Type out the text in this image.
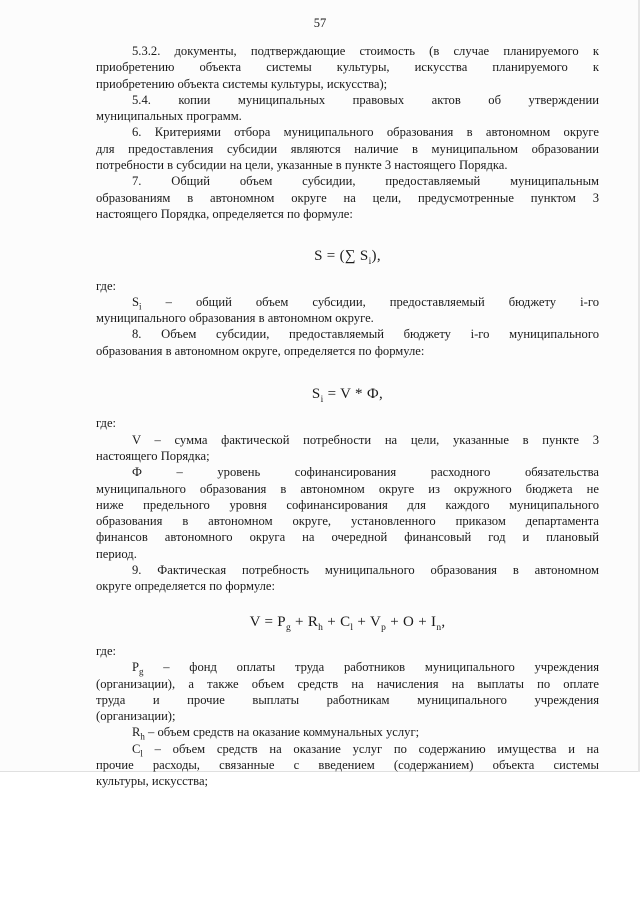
57

5.3.2. документы, подтверждающие стоимость (в случае планируемого к

приобретению объекта системы культуры, искусства планируемого к

приобретению объекта системы культуры, искусства);

5.4. копии муниципальных правовых актов об утверждении

муниципальных программ.

6. Критериями отбора муниципального образования в автономном округе

для предоставления субсидии являются наличие в муниципальном образовании

потребности в субсидии на цели, указанные в пункте 3 настоящего Порядка.

7. Общий объем субсидии, предоставляемый муниципальным

образованиям в автономном округе на цели, предусмотренные пунктом 3

настоящего Порядка, определяется по формуле:

S = (∑ $S_i$),

где:

$S_i$ – общий объем субсидии, предоставляемый бюджету i-го

муниципального образования в автономном округе.

8. Объем субсидии, предоставляемый бюджету i-го муниципального

образования в автономном округе, определяется по формуле:

$S_i = V * Ф$,

где:

V – сумма фактической потребности на цели, указанные в пункте 3

настоящего Порядка;

Ф – уровень софинансирования расходного обязательства

муниципального образования в автономном округе из окружного бюджета не

ниже предельного уровня софинансирования для каждого муниципального

образования в автономном округе, установленного приказом департамента

финансов автономного округа на очередной финансовый год и плановый

период.

9. Фактическая потребность муниципального образования в автономном

округе определяется по формуле:

$V = P_g + R_h + C_l + V_p + O + I_n$,

где:

$P_g$ – фонд оплаты труда работников муниципального учреждения

(организации), а также объем средств на начисления на выплаты по оплате

труда и прочие выплаты работникам муниципального учреждения

(организации);

$R_h$ – объем средств на оказание коммунальных услуг;

$C_l$ – объем средств на оказание услуг по содержанию имущества и на

прочие расходы, связанные с введением (содержанием) объекта системы

культуры, искусства;
